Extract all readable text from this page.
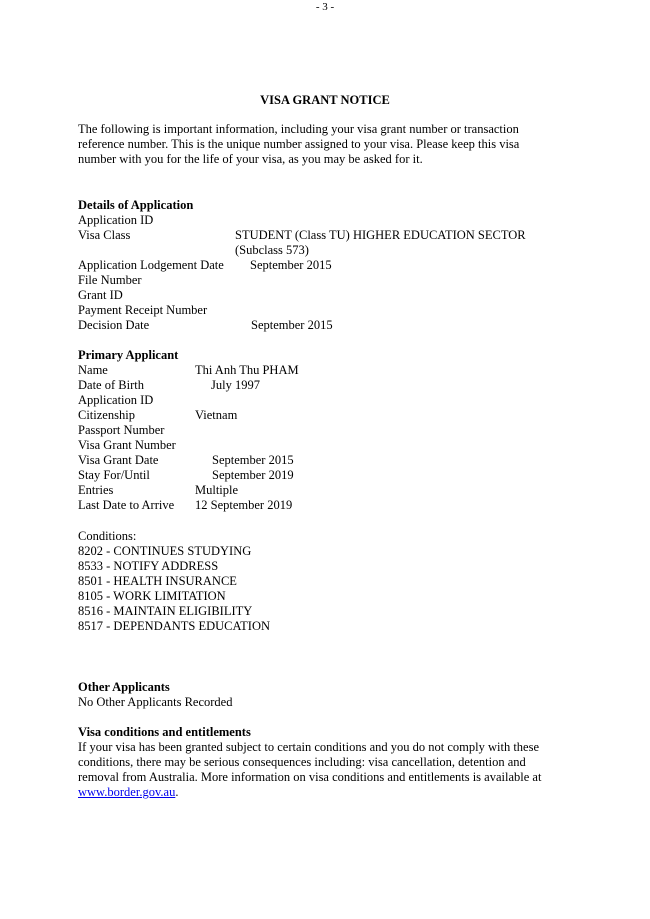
- 3 -
VISA GRANT NOTICE
The following is important information, including your visa grant number or transaction reference number. This is the unique number assigned to your visa. Please keep this visa number with you for the life of your visa, as you may be asked for it.
Details of Application
Application ID
Visa Class	STUDENT (Class TU) HIGHER EDUCATION SECTOR
(Subclass 573)
Application Lodgement Date September 2015
File Number
Grant ID
Payment Receipt Number
Decision Date	September 2015
Primary Applicant
Name	Thi Anh Thu PHAM
Date of Birth	July 1997
Application ID
Citizenship	Vietnam
Passport Number
Visa Grant Number
Visa Grant Date	September 2015
Stay For/Until	September 2019
Entries	Multiple
Last Date to Arrive 12 September 2019
Conditions:
8202 - CONTINUES STUDYING
8533 - NOTIFY ADDRESS
8501 - HEALTH INSURANCE
8105 - WORK LIMITATION
8516 - MAINTAIN ELIGIBILITY
8517 - DEPENDANTS EDUCATION
Other Applicants
No Other Applicants Recorded
Visa conditions and entitlements
If your visa has been granted subject to certain conditions and you do not comply with these conditions, there may be serious consequences including: visa cancellation, detention and removal from Australia. More information on visa conditions and entitlements is available at www.border.gov.au.
